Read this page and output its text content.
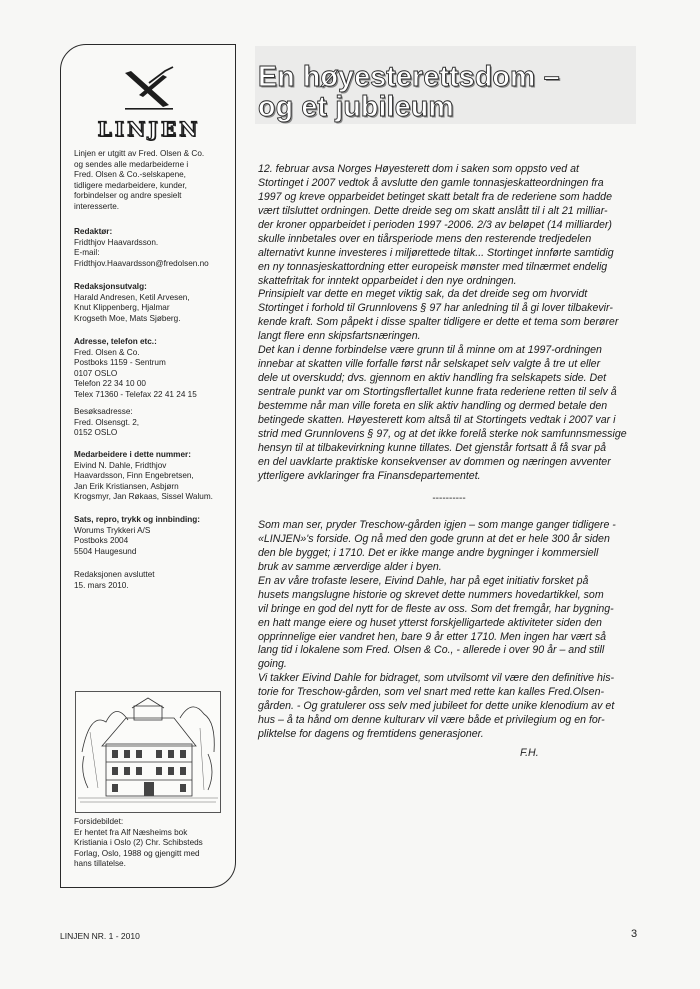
LINJEN
Linjen er utgitt av Fred. Olsen & Co.
og sendes alle medarbeiderne i
Fred. Olsen & Co.-selskapene,
tidligere medarbeidere, kunder,
forbindelser og andre spesielt
interesserte.
Redaktør:
Fridthjov Haavardsson.
E-mail:
Fridthjov.Haavardsson@fredolsen.no
Redaksjonsutvalg:
Harald Andresen, Ketil Arvesen,
Knut Klippenberg, Hjalmar
Krogseth Moe, Mats Sjøberg.
Adresse, telefon etc.:
Fred. Olsen & Co.
Postboks 1159 - Sentrum
0107 OSLO
Telefon 22 34 10 00
Telex 71360 - Telefax 22 41 24 15
Besøksadresse:
Fred. Olsensgt. 2,
0152 OSLO
Medarbeidere i dette nummer:
Eivind N. Dahle, Fridthjov
Haavardsson, Finn Engebretsen,
Jan Erik Kristiansen, Asbjørn
Krogsmyr, Jan Røkaas, Sissel Walum.
Sats, repro, trykk og innbinding:
Worums Trykkeri A/S
Postboks 2004
5504 Haugesund
Redaksjonen avsluttet
15. mars 2010.
Forsidebildet:
Er hentet fra Alf Næsheims bok
Kristiania i Oslo (2) Chr. Schibsteds
Forlag, Oslo, 1988 og gjengitt med
hans tillatelse.
En høyesterettsdom –
og et jubileum
12. februar avsa Norges Høyesterett dom i saken som oppsto ved at
Stortinget i 2007 vedtok å avslutte den gamle tonnasjeskatteordningen fra
1997 og kreve opparbeidet betinget skatt betalt fra de rederiene som hadde
vært tilsluttet ordningen. Dette dreide seg om skatt anslått til i alt 21 milliar-
der kroner opparbeidet i perioden 1997 -2006. 2/3 av beløpet (14 milliarder)
skulle innbetales over en tiårsperiode mens den resterende tredjedelen
alternativt kunne investeres i miljørettede tiltak... Stortinget innførte samtidig
en ny tonnasjeskattordning etter europeisk mønster med tilnærmet endelig
skattefritak for inntekt opparbeidet i den nye ordningen.
Prinsipielt var dette en meget viktig sak, da det dreide seg om hvorvidt
Stortinget i forhold til Grunnlovens § 97 har anledning til å gi lover tilbakevir-
kende kraft. Som påpekt i disse spalter tidligere er dette et tema som berører
langt flere enn skipsfartsnæringen.
Det kan i denne forbindelse være grunn til å minne om at 1997-ordningen
innebar at skatten ville forfalle først når selskapet selv valgte å tre ut eller
dele ut overskudd; dvs. gjennom en aktiv handling fra selskapets side. Det
sentrale punkt var om Stortingsflertallet kunne frata rederiene retten til selv å
bestemme når man ville foreta en slik aktiv handling og dermed betale den
betingede skatten. Høyesterett kom altså til at Stortingets vedtak i 2007 var i
strid med Grunnlovens § 97, og at det ikke forelå sterke nok samfunnsmessige
hensyn til at tilbakevirkning kunne tillates. Det gjenstår fortsatt å få svar på
en del uavklarte praktiske konsekvenser av dommen og næringen avventer
ytterligere avklaringer fra Finansdepartementet.
----------
Som man ser, pryder Treschow-gården igjen – som mange ganger tidligere -
«LINJEN»'s forside. Og nå med den gode grunn at det er hele 300 år siden
den ble bygget; i 1710. Det er ikke mange andre bygninger i kommersiell
bruk av samme ærverdige alder i byen.
En av våre trofaste lesere, Eivind Dahle, har på eget initiativ forsket på
husets mangslugne historie og skrevet dette nummers hovedartikkel, som
vil bringe en god del nytt for de fleste av oss. Som det fremgår, har bygning-
en hatt mange eiere og huset ytterst forskjelligartede aktiviteter siden den
opprinnelige eier vandret hen, bare 9 år etter 1710. Men ingen har vært så
lang tid i lokalene som Fred. Olsen & Co., - allerede i over 90 år – and still
going.
Vi takker Eivind Dahle for bidraget, som utvilsomt vil være den definitive his-
torie for Treschow-gården, som vel snart med rette kan kalles Fred.Olsen-
gården. - Og gratulerer oss selv med jubileet for dette unike klenodium av et
hus – å ta hånd om denne kulturarv vil være både et privilegium og en for-
pliktelse for dagens og fremtidens generasjoner.
F.H.
LINJEN NR. 1 - 2010	3
